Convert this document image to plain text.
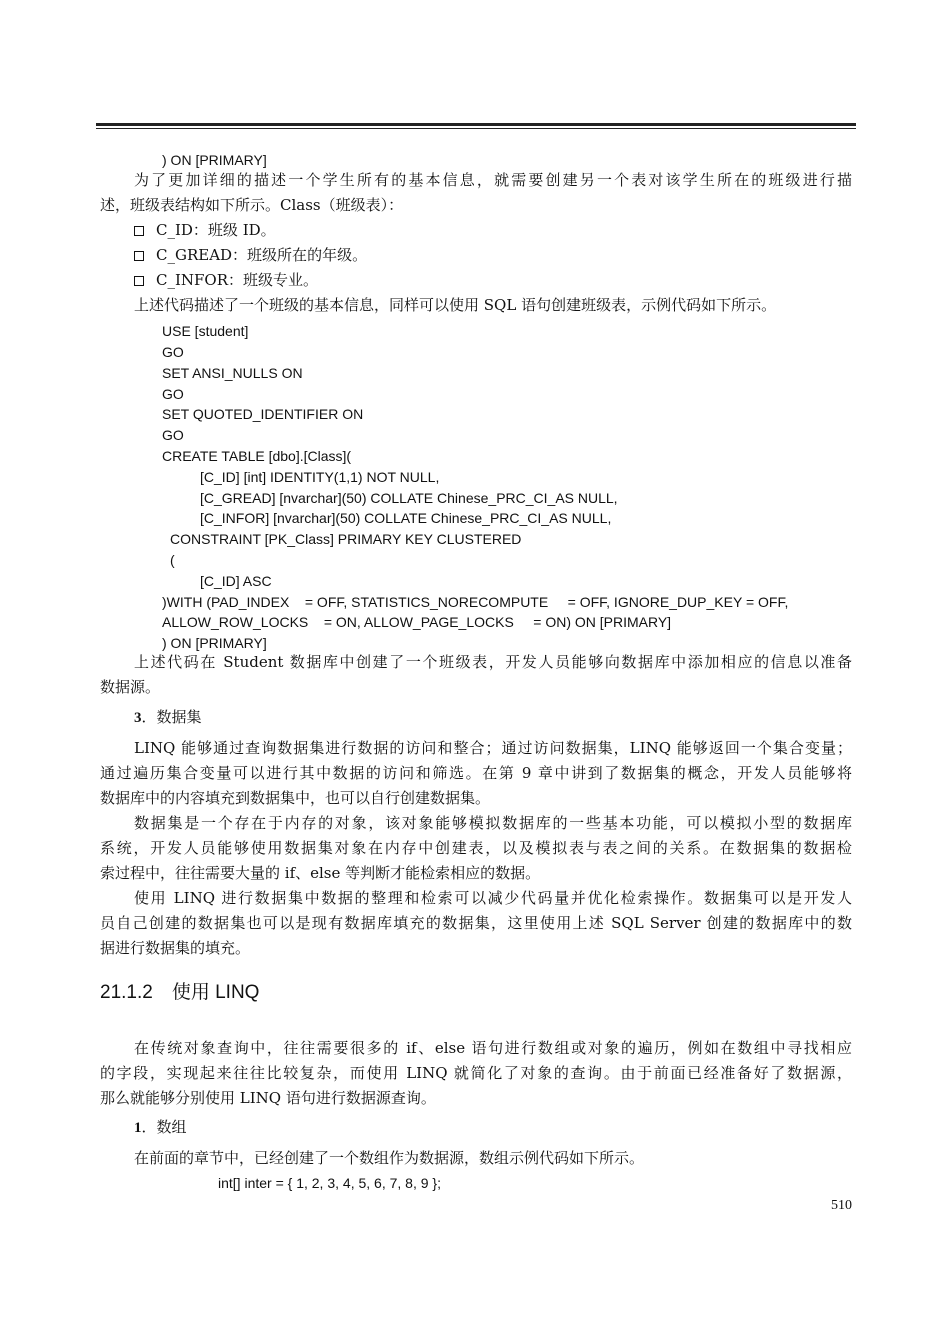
) ON [PRIMARY]
为了更加详细的描述一个学生所有的基本信息，就需要创建另一个表对该学生所在的班级进行描
述，班级表结构如下所示。Class（班级表）：
C_ID：班级 ID。
C_GREAD：班级所在的年级。
C_INFOR：班级专业。
上述代码描述了一个班级的基本信息，同样可以使用 SQL 语句创建班级表，示例代码如下所示。
USE [student]
GO
SET ANSI_NULLS ON
GO
SET QUOTED_IDENTIFIER ON
GO
CREATE TABLE [dbo].[Class](
[C_ID] [int] IDENTITY(1,1) NOT NULL,
[C_GREAD] [nvarchar](50) COLLATE Chinese_PRC_CI_AS NULL,
[C_INFOR] [nvarchar](50) COLLATE Chinese_PRC_CI_AS NULL,
CONSTRAINT [PK_Class] PRIMARY KEY CLUSTERED
(
[C_ID] ASC
)WITH (PAD_INDEX    = OFF, STATISTICS_NORECOMPUTE     = OFF, IGNORE_DUP_KEY = OFF,
ALLOW_ROW_LOCKS    = ON, ALLOW_PAGE_LOCKS     = ON) ON [PRIMARY]
) ON [PRIMARY]
上述代码在 Student 数据库中创建了一个班级表，开发人员能够向数据库中添加相应的信息以准备
数据源。
3．数据集
LINQ 能够通过查询数据集进行数据的访问和整合；通过访问数据集，LINQ 能够返回一个集合变量；
通过遍历集合变量可以进行其中数据的访问和筛选。在第 9 章中讲到了数据集的概念，开发人员能够将
数据库中的内容填充到数据集中，也可以自行创建数据集。
数据集是一个存在于内存的对象，该对象能够模拟数据库的一些基本功能，可以模拟小型的数据库
系统，开发人员能够使用数据集对象在内存中创建表，以及模拟表与表之间的关系。在数据集的数据检
索过程中，往往需要大量的 if、else 等判断才能检索相应的数据。
使用 LINQ 进行数据集中数据的整理和检索可以减少代码量并优化检索操作。数据集可以是开发人
员自己创建的数据集也可以是现有数据库填充的数据集，这里使用上述 SQL Server 创建的数据库中的数
据进行数据集的填充。
21.1.2　使用 LINQ
在传统对象查询中，往往需要很多的 if、else 语句进行数组或对象的遍历，例如在数组中寻找相应
的字段，实现起来往往比较复杂，而使用 LINQ 就简化了对象的查询。由于前面已经准备好了数据源，
那么就能够分别使用 LINQ 语句进行数据源查询。
1．数组
在前面的章节中，已经创建了一个数组作为数据源，数组示例代码如下所示。
int[] inter = { 1, 2, 3, 4, 5, 6, 7, 8, 9 };
510
